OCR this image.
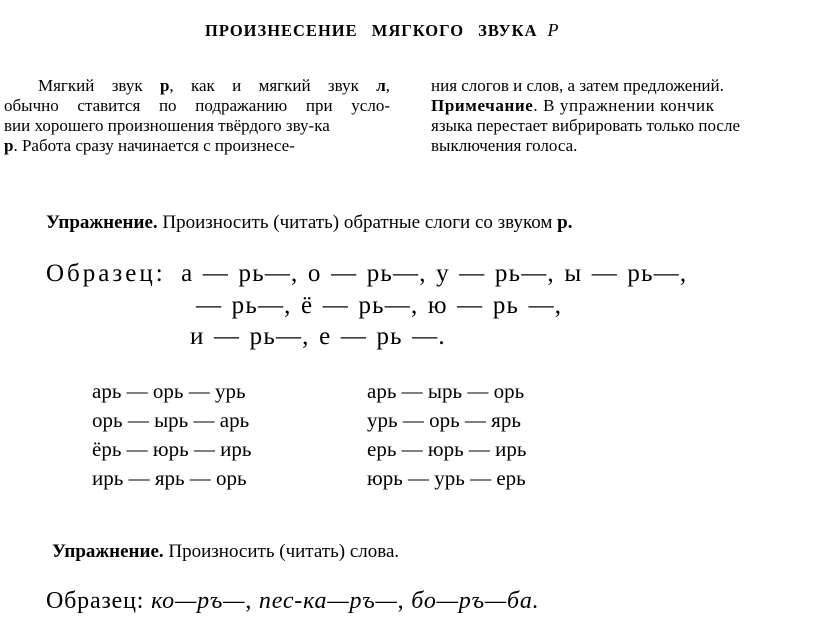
ПРОИЗНЕСЕНИЕ МЯГКОГО ЗВУКА Р
Мягкий звук р, как и мягкий звук л,
обычно ставится по подражанию при усло-
вии хорошего произношения твёрдого зву-ка
р. Работа сразу начинается с произнесе-
ния слогов и слов, а затем предложений.
Примечание. В упражнении кончик
языка перестает вибрировать только после
выключения голоса.
Упражнение. Произносить (читать) обратные слоги со звуком р.
Образец: а — рь—, о — рь—, у — рь—, ы — рь—,
— рь—, ё — рь—, ю — рь —,
и — рь—, е — рь —.
арь — орь — урь
орь — ырь — арь
ёрь — юрь — ирь
ирь — ярь — орь
арь — ырь — орь
урь — орь — ярь
ерь — юрь — ирь
юрь — урь — ерь
Упражнение. Произносить (читать) слова.
Образец: ко—ръ—, пес-ка—ръ—, бо—ръ—ба.
